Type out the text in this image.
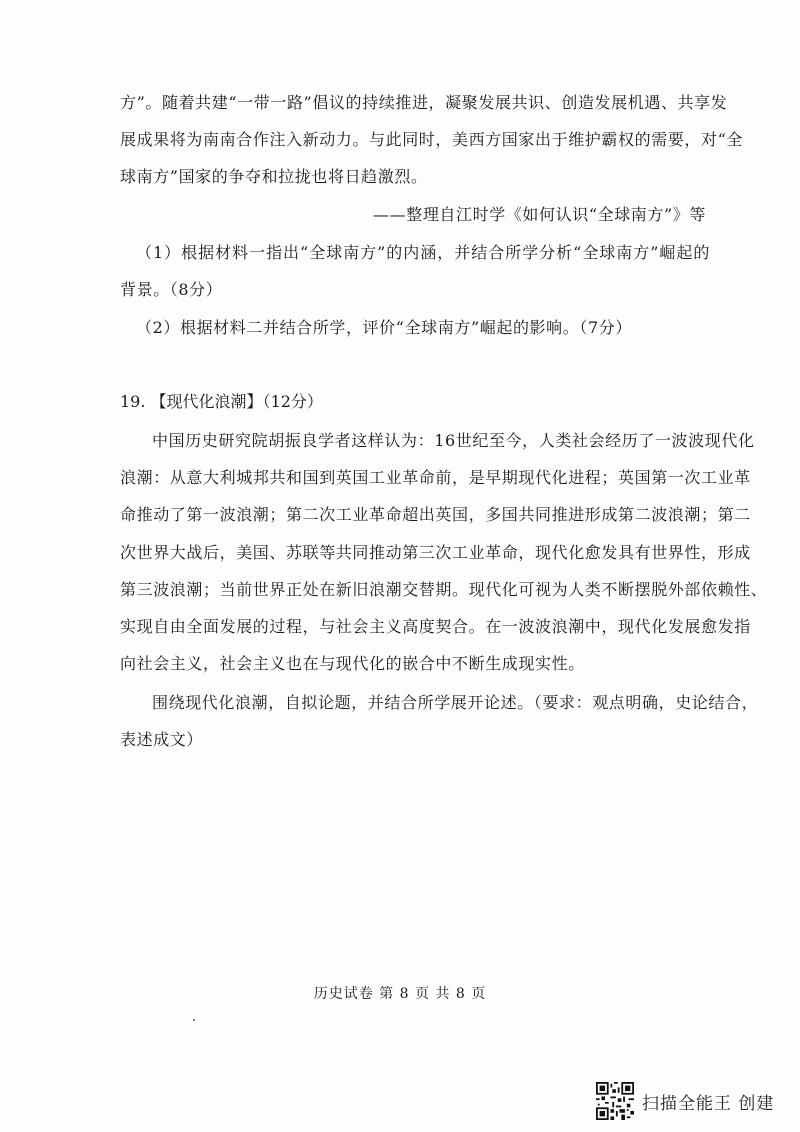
方”。随着共建“一带一路”倡议的持续推进，凝聚发展共识、创造发展机遇、共享发
展成果将为南南合作注入新动力。与此同时，美西方国家出于维护霸权的需要，对“全
球南方”国家的争夺和拉拢也将日趋激烈。
——整理自江时学《如何认识“全球南方”》等
（1）根据材料一指出“全球南方”的内涵，并结合所学分析“全球南方”崛起的
背景。（8分）
（2）根据材料二并结合所学，评价“全球南方”崛起的影响。（7分）
19. 【现代化浪潮】（12分）
中国历史研究院胡振良学者这样认为：16世纪至今，人类社会经历了一波波现代化
浪潮：从意大利城邦共和国到英国工业革命前，是早期现代化进程；英国第一次工业革
命推动了第一波浪潮；第二次工业革命超出英国，多国共同推进形成第二波浪潮；第二
次世界大战后，美国、苏联等共同推动第三次工业革命，现代化愈发具有世界性，形成
第三波浪潮；当前世界正处在新旧浪潮交替期。现代化可视为人类不断摆脱外部依赖性、
实现自由全面发展的过程，与社会主义高度契合。在一波波浪潮中，现代化发展愈发指
向社会主义，社会主义也在与现代化的嵌合中不断生成现实性。
围绕现代化浪潮，自拟论题，并结合所学展开论述。（要求：观点明确，史论结合，
表述成文）
历史试卷 第 8 页 共 8 页
扫描全能王 创建
